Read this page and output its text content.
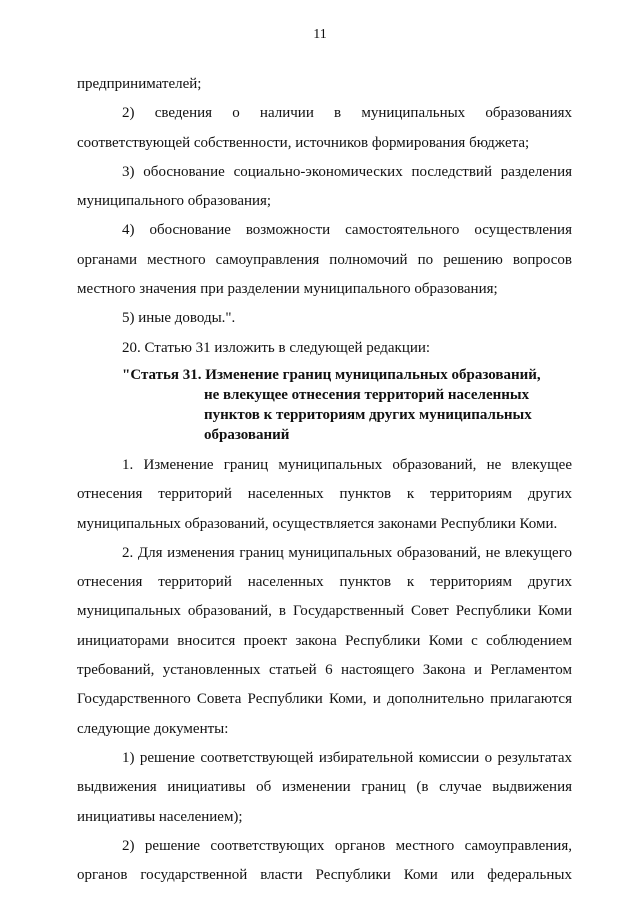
11

предпринимателей;

2) сведения о наличии в муниципальных образованиях соответствующей собственности, источников формирования бюджета;

3) обоснование социально-экономических последствий разделения муниципального образования;

4) обоснование возможности самостоятельного осуществления органами местного самоуправления полномочий по решению вопросов местного значения при разделении муниципального образования;

5) иные доводы.".

20. Статью 31 изложить в следующей редакции:

"Статья 31. Изменение границ муниципальных образований,
не влекущее отнесения территорий населенных
пунктов к территориям других муниципальных
образований

1. Изменение границ муниципальных образований, не влекущее отнесения территорий населенных пунктов к территориям других муниципальных образований, осуществляется законами Республики Коми.

2. Для изменения границ муниципальных образований, не влекущего отнесения территорий населенных пунктов к территориям других муниципальных образований, в Государственный Совет Республики Коми инициаторами вносится проект закона Республики Коми с соблюдением требований, установленных статьей 6 настоящего Закона и Регламентом Государственного Совета Республики Коми, и дополнительно прилагаются следующие документы:

1) решение соответствующей избирательной комиссии о результатах выдвижения инициативы об изменении границ (в случае выдвижения инициативы населением);

2) решение соответствующих органов местного самоуправления, органов государственной власти Республики Коми или федеральных
